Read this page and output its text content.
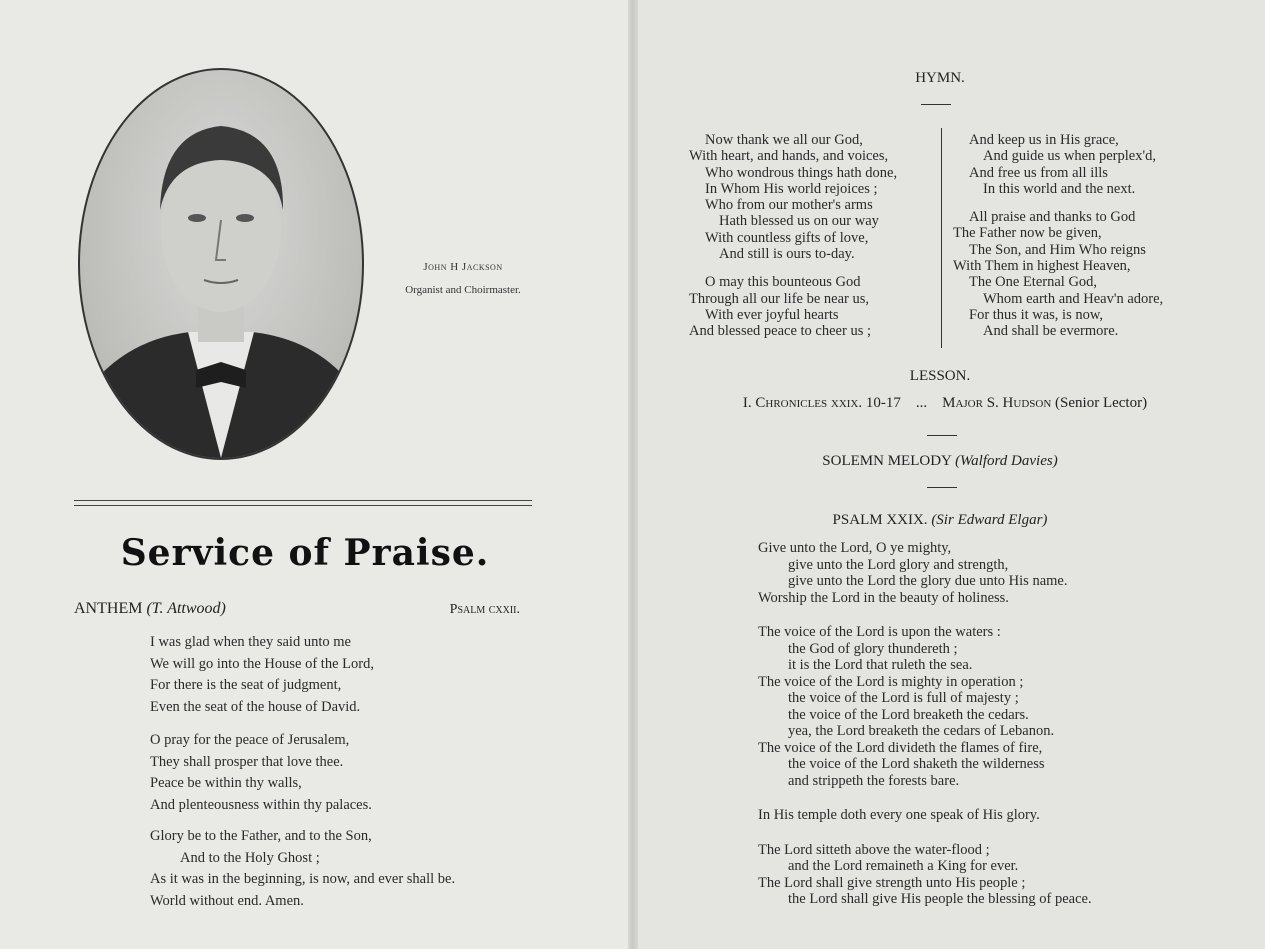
John H Jackson
Organist and Choirmaster.
Service of Praise.
ANTHEM (T. Attwood)	Psalm cxxii.
I was glad when they said unto me
We will go into the House of the Lord,
For there is the seat of judgment,
Even the seat of the house of David.
O pray for the peace of Jerusalem,
They shall prosper that love thee.
Peace be within thy walls,
And plenteousness within thy palaces.
Glory be to the Father, and to the Son,
And to the Holy Ghost ;
As it was in the beginning, is now, and ever shall be.
World without end. Amen.
HYMN.
Now thank we all our God,
With heart, and hands, and voices,
Who wondrous things hath done,
In Whom His world rejoices ;
Who from our mother's arms
Hath blessed us on our way
With countless gifts of love,
And still is ours to-day.
O may this bounteous God
Through all our life be near us,
With ever joyful hearts
And blessed peace to cheer us ;
And keep us in His grace,
And guide us when perplex'd,
And free us from all ills
In this world and the next.
All praise and thanks to God
The Father now be given,
The Son, and Him Who reigns
With Them in highest Heaven,
The One Eternal God,
Whom earth and Heav'n adore,
For thus it was, is now,
And shall be evermore.
LESSON.
I. Chronicles xxix. 10-17 ... Major S. Hudson (Senior Lector)
SOLEMN MELODY (Walford Davies)
PSALM XXIX. (Sir Edward Elgar)
Give unto the Lord, O ye mighty,
give unto the Lord glory and strength,
give unto the Lord the glory due unto His name.
Worship the Lord in the beauty of holiness.
The voice of the Lord is upon the waters :
the God of glory thundereth ;
it is the Lord that ruleth the sea.
The voice of the Lord is mighty in operation ;
the voice of the Lord is full of majesty ;
the voice of the Lord breaketh the cedars.
yea, the Lord breaketh the cedars of Lebanon.
The voice of the Lord divideth the flames of fire,
the voice of the Lord shaketh the wilderness
and strippeth the forests bare.
In His temple doth every one speak of His glory.
The Lord sitteth above the water-flood ;
and the Lord remaineth a King for ever.
The Lord shall give strength unto His people ;
the Lord shall give His people the blessing of peace.
